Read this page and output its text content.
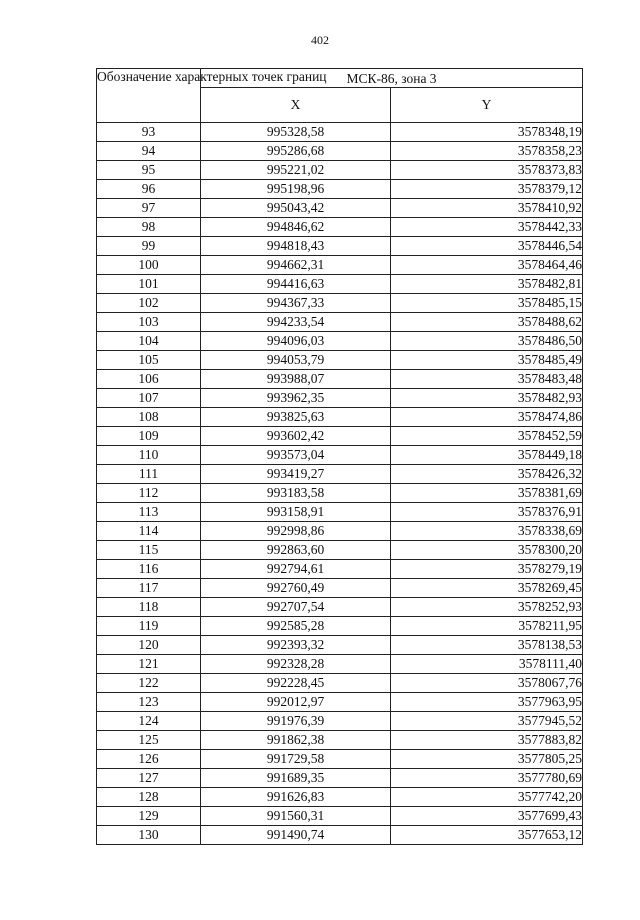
402
Обозначение характерных точек границ	МСК-86, зона 3	
	X	Y
93	995328,58	3578348,19
94	995286,68	3578358,23
95	995221,02	3578373,83
96	995198,96	3578379,12
97	995043,42	3578410,92
98	994846,62	3578442,33
99	994818,43	3578446,54
100	994662,31	3578464,46
101	994416,63	3578482,81
102	994367,33	3578485,15
103	994233,54	3578488,62
104	994096,03	3578486,50
105	994053,79	3578485,49
106	993988,07	3578483,48
107	993962,35	3578482,93
108	993825,63	3578474,86
109	993602,42	3578452,59
110	993573,04	3578449,18
111	993419,27	3578426,32
112	993183,58	3578381,69
113	993158,91	3578376,91
114	992998,86	3578338,69
115	992863,60	3578300,20
116	992794,61	3578279,19
117	992760,49	3578269,45
118	992707,54	3578252,93
119	992585,28	3578211,95
120	992393,32	3578138,53
121	992328,28	3578111,40
122	992228,45	3578067,76
123	992012,97	3577963,95
124	991976,39	3577945,52
125	991862,38	3577883,82
126	991729,58	3577805,25
127	991689,35	3577780,69
128	991626,83	3577742,20
129	991560,31	3577699,43
130	991490,74	3577653,12
